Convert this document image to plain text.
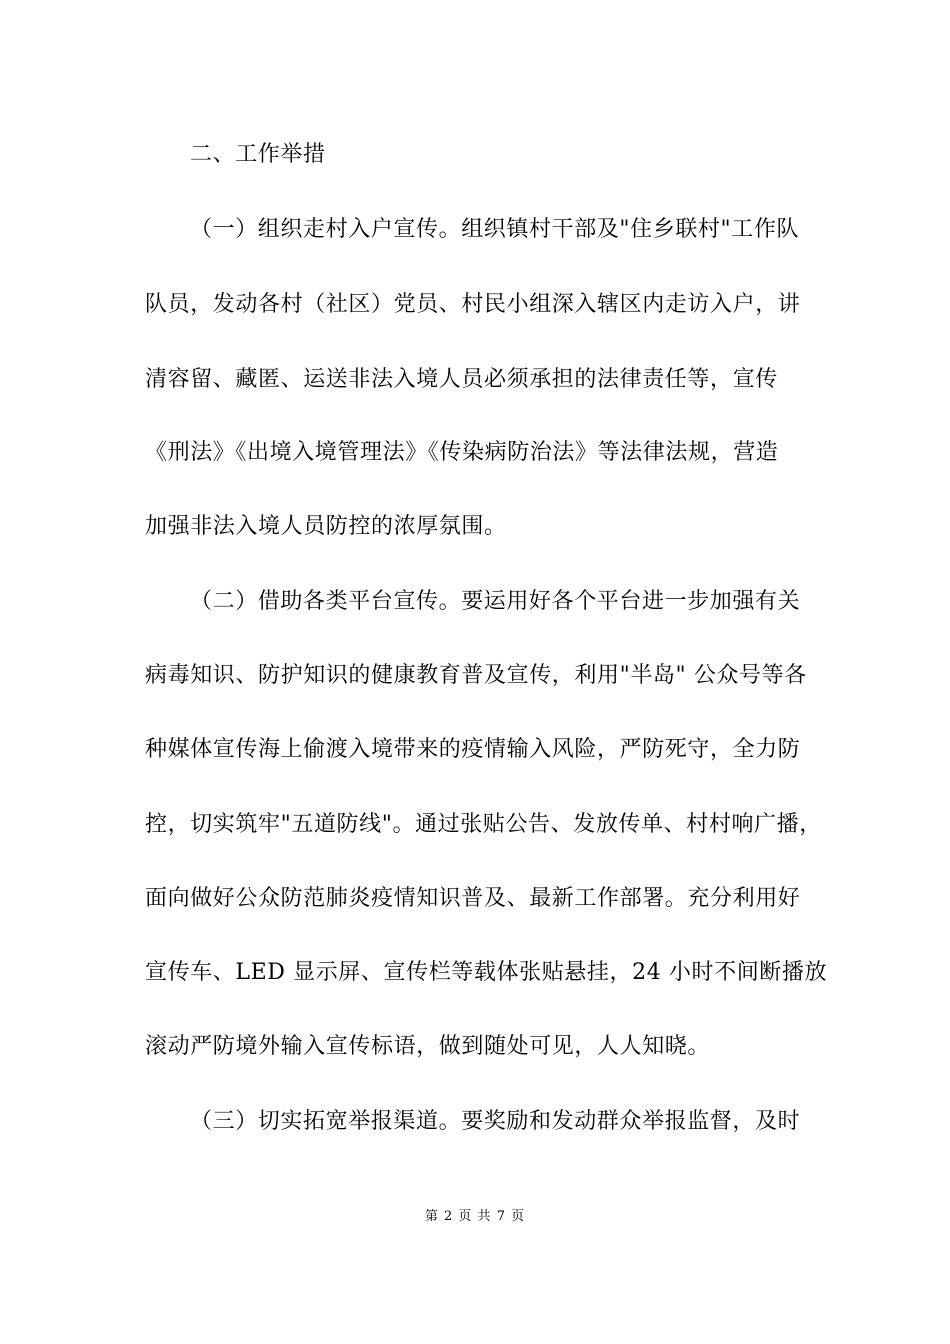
二、工作举措
（一）组织走村入户宣传。组织镇村干部及"住乡联村"工作队
队员，发动各村（社区）党员、村民小组深入辖区内走访入户，讲
清容留、藏匿、运送非法入境人员必须承担的法律责任等，宣传
《刑法》《出境入境管理法》《传染病防治法》等法律法规，营造
加强非法入境人员防控的浓厚氛围。
（二）借助各类平台宣传。要运用好各个平台进一步加强有关
病毒知识、防护知识的健康教育普及宣传，利用"半岛" 公众号等各
种媒体宣传海上偷渡入境带来的疫情输入风险，严防死守，全力防
控，切实筑牢"五道防线"。通过张贴公告、发放传单、村村响广播，
面向做好公众防范肺炎疫情知识普及、最新工作部署。充分利用好
宣传车、LED 显示屏、宣传栏等载体张贴悬挂，24 小时不间断播放
滚动严防境外输入宣传标语，做到随处可见，人人知晓。
（三）切实拓宽举报渠道。要奖励和发动群众举报监督，及时
第 2 页 共 7 页
